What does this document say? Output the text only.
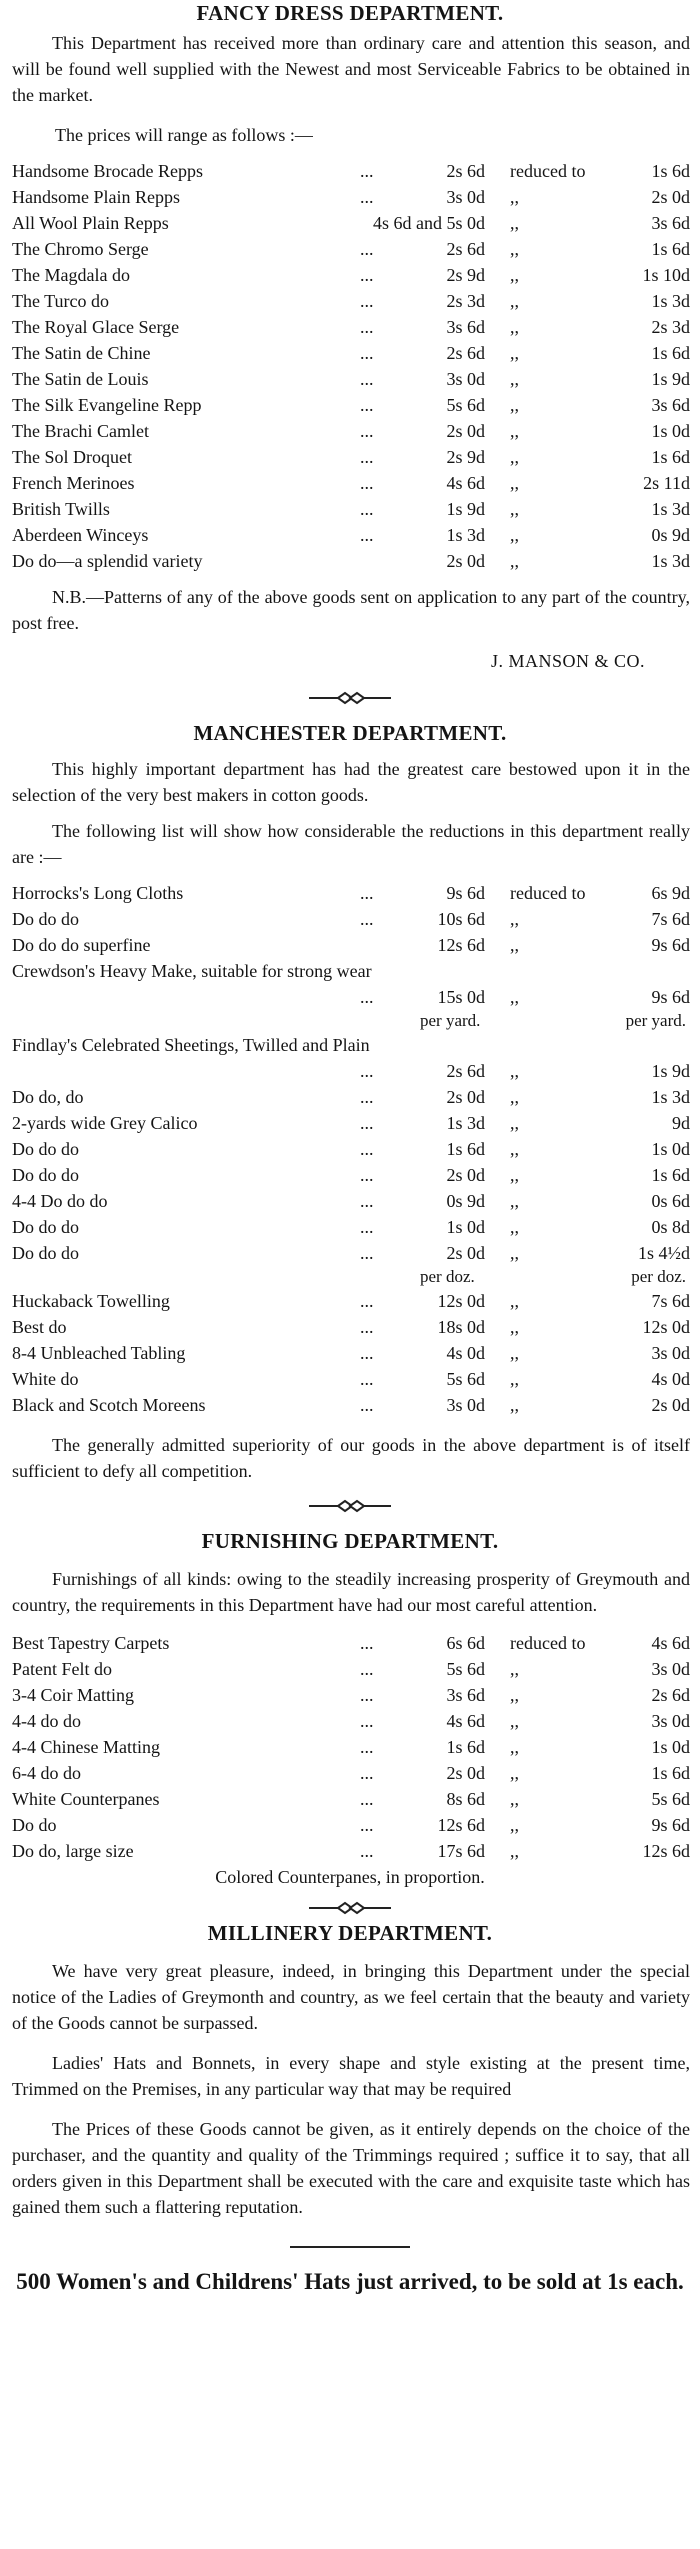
FANCY DRESS DEPARTMENT.

This Department has received more than ordinary care and attention this season, and will be found well supplied with the Newest and most Serviceable Fabrics to be obtained in the market.

The prices will range as follows :—

Handsome Brocade Repps	...	2s 6d reduced to	1s 6d
Handsome Plain Repps	...	3s 0d ,,	2s 0d
All Wool Plain Repps	4s 6d and 5s 0d ,,	3s 6d
The Chromo Serge	...	2s 6d ,,	1s 6d
The Magdala do	...	2s 9d ,,	1s 10d
The Turco do	...	2s 3d ,,	1s 3d
The Royal Glace Serge	...	3s 6d ,,	2s 3d
The Satin de Chine	...	2s 6d ,,	1s 6d
The Satin de Louis	...	3s 0d ,,	1s 9d
The Silk Evangeline Repp	...	5s 6d ,,	3s 6d
The Brachi Camlet	...	2s 0d ,,	1s 0d
The Sol Droquet	...	2s 9d ,,	1s 6d
French Merinoes	...	4s 6d ,,	2s 11d
British Twills	...	1s 9d ,,	1s 3d
Aberdeen Winceys	...	1s 3d ,,	0s 9d
Do do—a splendid variety	2s 0d ,,	1s 3d

N.B.—Patterns of any of the above goods sent on application to any part of the country, post free.

J. MANSON & CO.

MANCHESTER DEPARTMENT.

This highly important department has had the greatest care bestowed upon it in the selection of the very best makers in cotton goods.

The following list will show how considerable the reductions in this department really are :—

Horrocks's Long Cloths	...	9s 6d reduced to	6s 9d
Do do do	...	10s 6d ,,	7s 6d
Do do do superfine	12s 6d ,,	9s 6d
Crewdson's Heavy Make, suitable for strong wear
...	15s 0d ,,	9s 6d
per yard.	per yard.
Findlay's Celebrated Sheetings, Twilled and Plain
...	2s 6d ,,	1s 9d
Do do, do	...	2s 0d ,,	1s 3d
2-yards wide Grey Calico	...	1s 3d ,,	9d
Do do do	...	1s 6d ,,	1s 0d
Do do do	...	2s 0d ,,	1s 6d
4-4 Do do do	...	0s 9d ,,	0s 6d
Do do do	...	1s 0d ,,	0s 8d
Do do do	...	2s 0d ,,	1s 4½d
per doz.	per doz.
Huckaback Towelling	...	12s 0d ,,	7s 6d
Best do	...	18s 0d ,,	12s 0d
8-4 Unbleached Tabling	...	4s 0d ,,	3s 0d
White do	...	5s 6d ,,	4s 0d
Black and Scotch Moreens	...	3s 0d ,,	2s 0d

The generally admitted superiority of our goods in the above department is of itself sufficient to defy all competition.

FURNISHING DEPARTMENT.

Furnishings of all kinds: owing to the steadily increasing prosperity of Greymouth and country, the requirements in this Department have had our most careful attention.

Best Tapestry Carpets	...	6s 6d reduced to	4s 6d
Patent Felt do	...	5s 6d ,,	3s 0d
3-4 Coir Matting	...	3s 6d ,,	2s 6d
4-4 do do	...	4s 6d ,,	3s 0d
4-4 Chinese Matting	...	1s 6d ,,	1s 0d
6-4 do do	...	2s 0d ,,	1s 6d
White Counterpanes	...	8s 6d ,,	5s 6d
Do do	...	12s 6d ,,	9s 6d
Do do, large size	...	17s 6d ,,	12s 6d

Colored Counterpanes, in proportion.

MILLINERY DEPARTMENT.

We have very great pleasure, indeed, in bringing this Department under the special notice of the Ladies of Greymonth and country, as we feel certain that the beauty and variety of the Goods cannot be surpassed.

Ladies' Hats and Bonnets, in every shape and style existing at the present time, Trimmed on the Premises, in any particular way that may be required

The Prices of these Goods cannot be given, as it entirely depends on the choice of the purchaser, and the quantity and quality of the Trimmings required ; suffice it to say, that all orders given in this Department shall be executed with the care and exquisite taste which has gained them such a flattering reputation.

500 Women's and Childrens' Hats just arrived, to be sold at 1s each.
